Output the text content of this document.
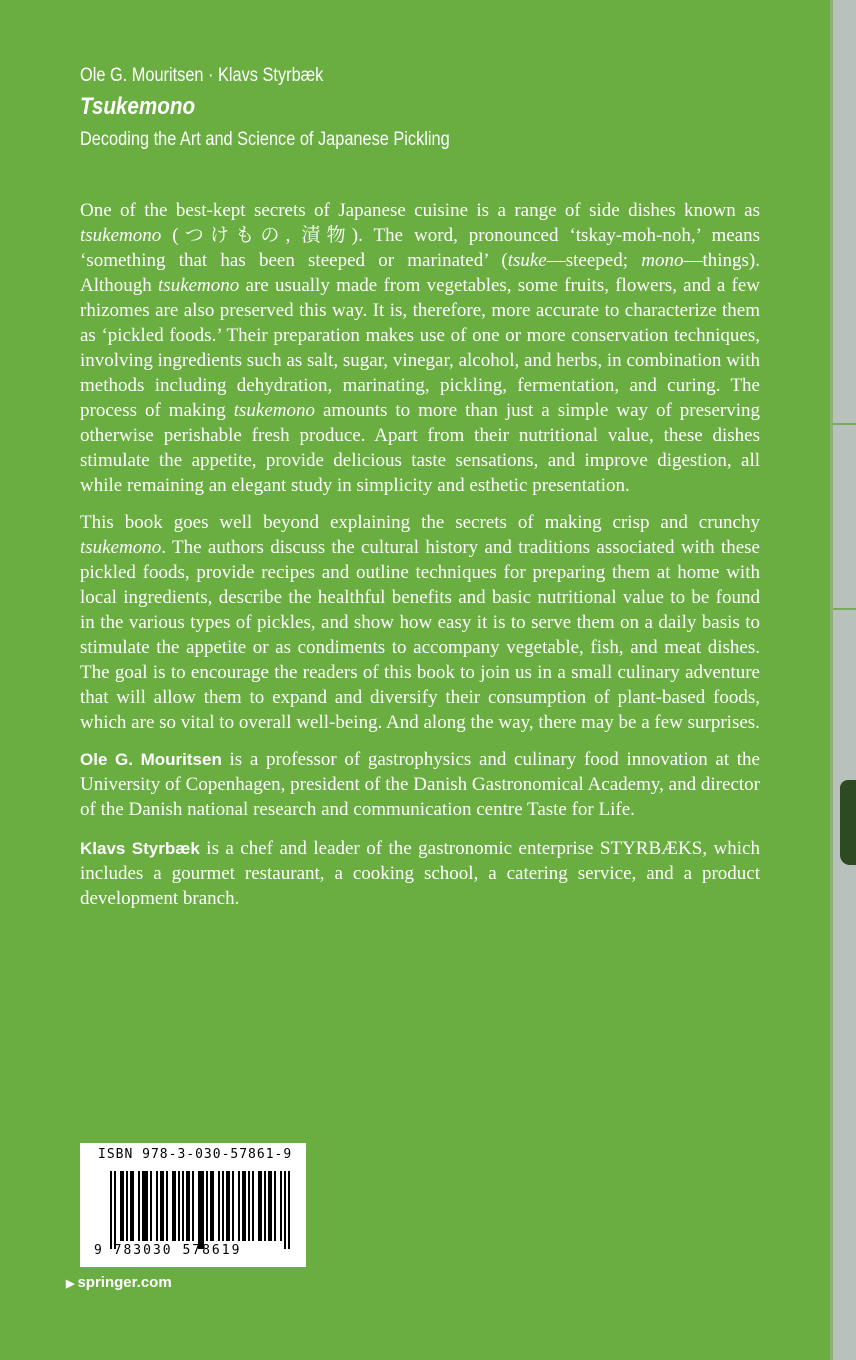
Ole G. Mouritsen · Klavs Styrbæk

Tsukemono

Decoding the Art and Science of Japanese Pickling

One of the best-kept secrets of Japanese cuisine is a range of side dishes known as tsukemono (つけもの, 漬物). The word, pronounced ‘tskay-moh-noh,’ means ‘something that has been steeped or marinated’ (tsuke—steeped; mono—things). Although tsukemono are usually made from vegetables, some fruits, flowers, and a few rhizomes are also preserved this way. It is, therefore, more accurate to characterize them as ‘pickled foods.’ Their preparation makes use of one or more conservation techniques, involving ingredients such as salt, sugar, vinegar, alcohol, and herbs, in combination with methods including dehydration, marinating, pickling, fermentation, and curing. The process of making tsukemono amounts to more than just a simple way of preserving otherwise perishable fresh produce. Apart from their nutritional value, these dishes stimulate the appetite, provide delicious taste sensations, and improve digestion, all while remaining an elegant study in simplicity and esthetic presentation.

This book goes well beyond explaining the secrets of making crisp and crunchy tsukemono. The authors discuss the cultural history and traditions associated with these pickled foods, provide recipes and outline techniques for preparing them at home with local ingredients, describe the healthful benefits and basic nutritional value to be found in the various types of pickles, and show how easy it is to serve them on a daily basis to stimulate the appetite or as condiments to accompany vegetable, fish, and meat dishes. The goal is to encourage the readers of this book to join us in a small culinary adventure that will allow them to expand and diversify their consumption of plant-based foods, which are so vital to overall well-being. And along the way, there may be a few surprises.

Ole G. Mouritsen is a professor of gastrophysics and culinary food innovation at the University of Copenhagen, president of the Danish Gastronomical Academy, and director of the Danish national research and communication centre Taste for Life.

Klavs Styrbæk is a chef and leader of the gastronomic enterprise STYRBÆKS, which includes a gourmet restaurant, a cooking school, a catering service, and a product development branch.

ISBN 978-3-030-57861-9
9 783030 578619
▶ springer.com
